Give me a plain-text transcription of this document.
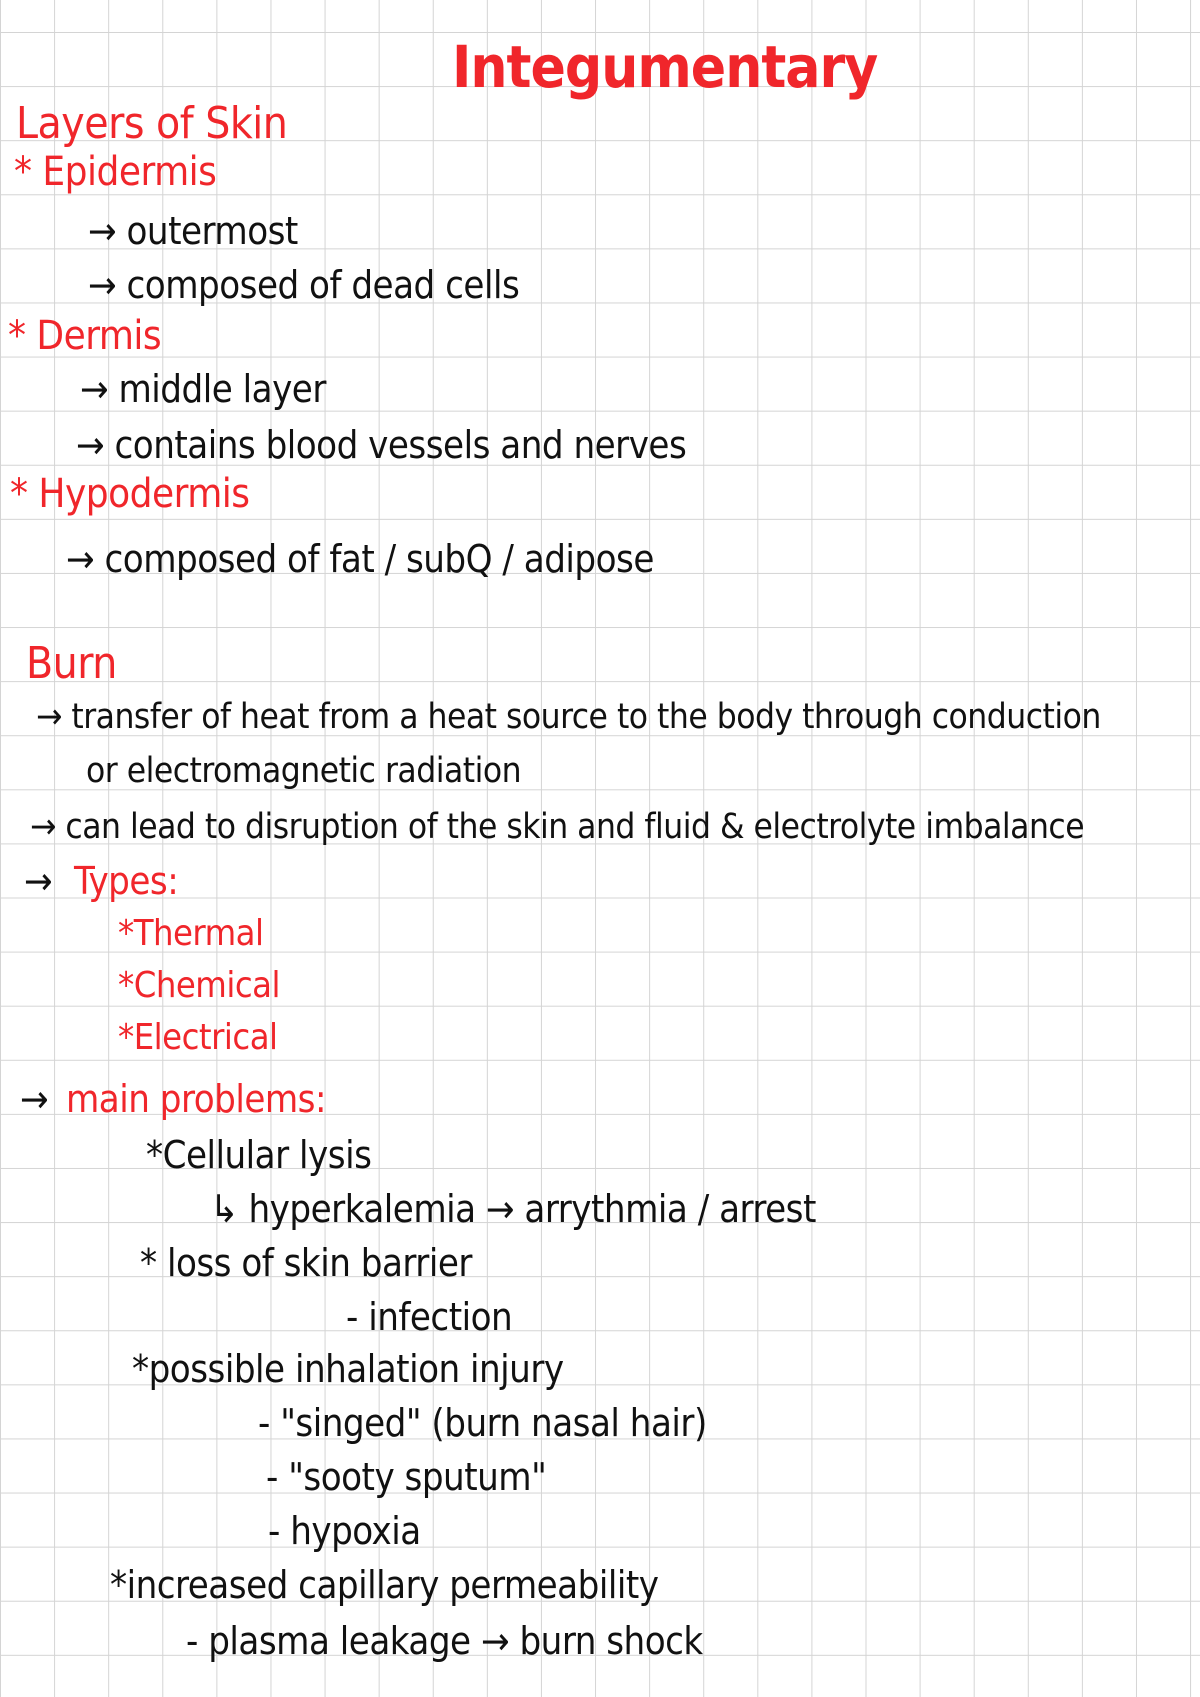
Integumentary
Layers of Skin
* Epidermis
→ outermost
→ composed of dead cells
* Dermis
→ middle layer
→ contains blood vessels and nerves
* Hypodermis
→ composed of fat / subQ / adipose
Burn
→ transfer of heat from a heat source to the body through conduction
or electromagnetic radiation
→ can lead to disruption of the skin and fluid & electrolyte imbalance
→ Types:
*Thermal
*Chemical
*Electrical
→ main problems:
*Cellular lysis
↳ hyperkalemia → arrythmia / arrest
* loss of skin barrier
- infection
*possible inhalation injury
- "singed" (burn nasal hair)
- "sooty sputum"
- hypoxia
*increased capillary permeability
- plasma leakage → burn shock
